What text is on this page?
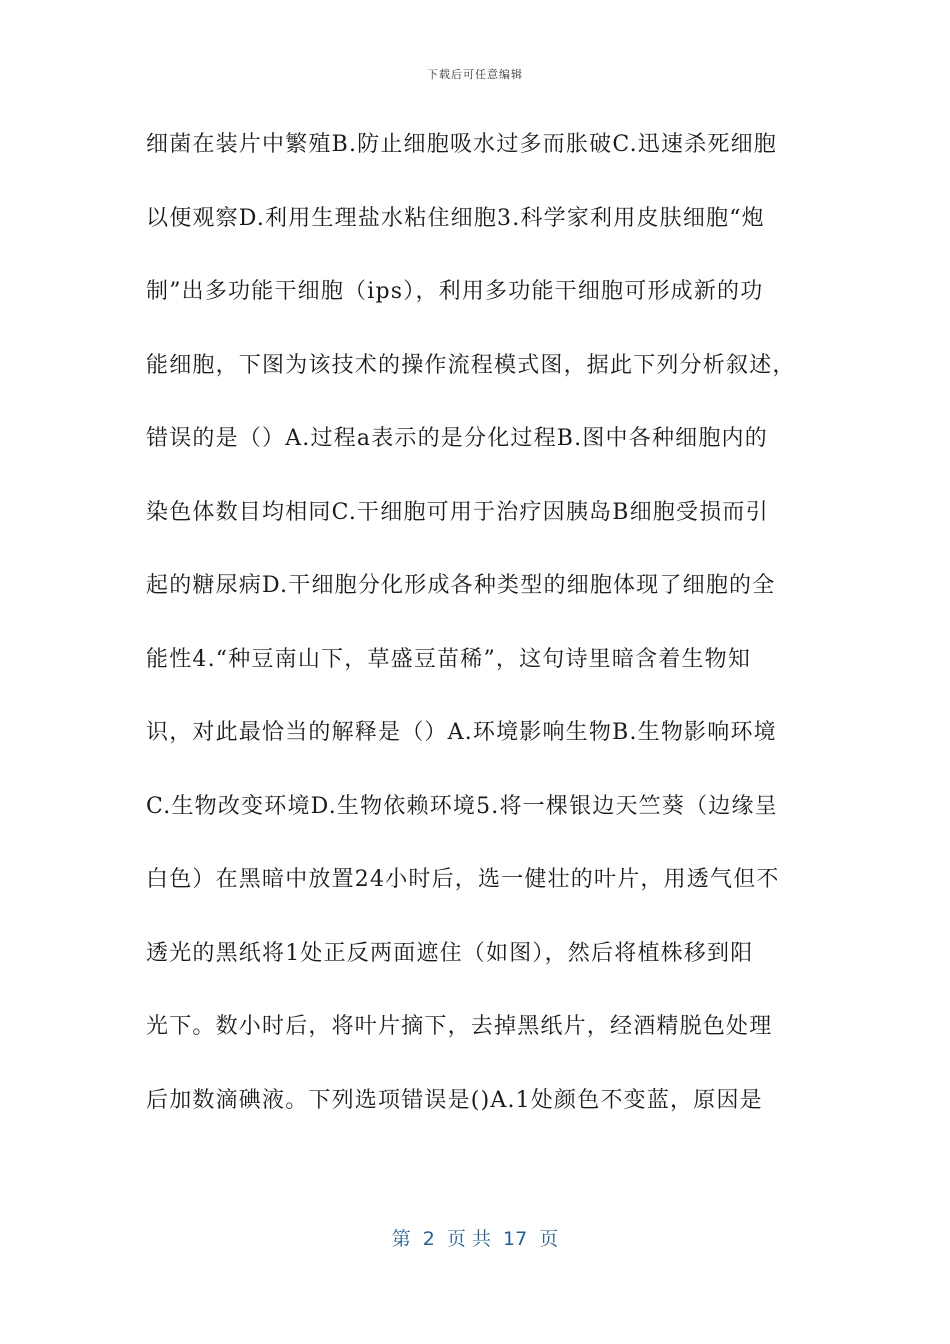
下载后可任意编辑
细菌在装片中繁殖B.防止细胞吸水过多而胀破C.迅速杀死细胞
以便观察D.利用生理盐水粘住细胞3.科学家利用皮肤细胞“炮
制”出多功能干细胞（ips），利用多功能干细胞可形成新的功
能细胞，下图为该技术的操作流程模式图，据此下列分析叙述，
错误的是（）A.过程a表示的是分化过程B.图中各种细胞内的
染色体数目均相同C.干细胞可用于治疗因胰岛B细胞受损而引
起的糖尿病D.干细胞分化形成各种类型的细胞体现了细胞的全
能性4.“种豆南山下，草盛豆苗稀”，这句诗里暗含着生物知
识，对此最恰当的解释是（）A.环境影响生物B.生物影响环境
C.生物改变环境D.生物依赖环境5.将一棵银边天竺葵（边缘呈
白色）在黑暗中放置24小时后，选一健壮的叶片，用透气但不
透光的黑纸将1处正反两面遮住（如图），然后将植株移到阳
光下。数小时后，将叶片摘下，去掉黑纸片，经酒精脱色处理
后加数滴碘液。下列选项错误是()A.1处颜色不变蓝，原因是
第  2  页 共  17  页
